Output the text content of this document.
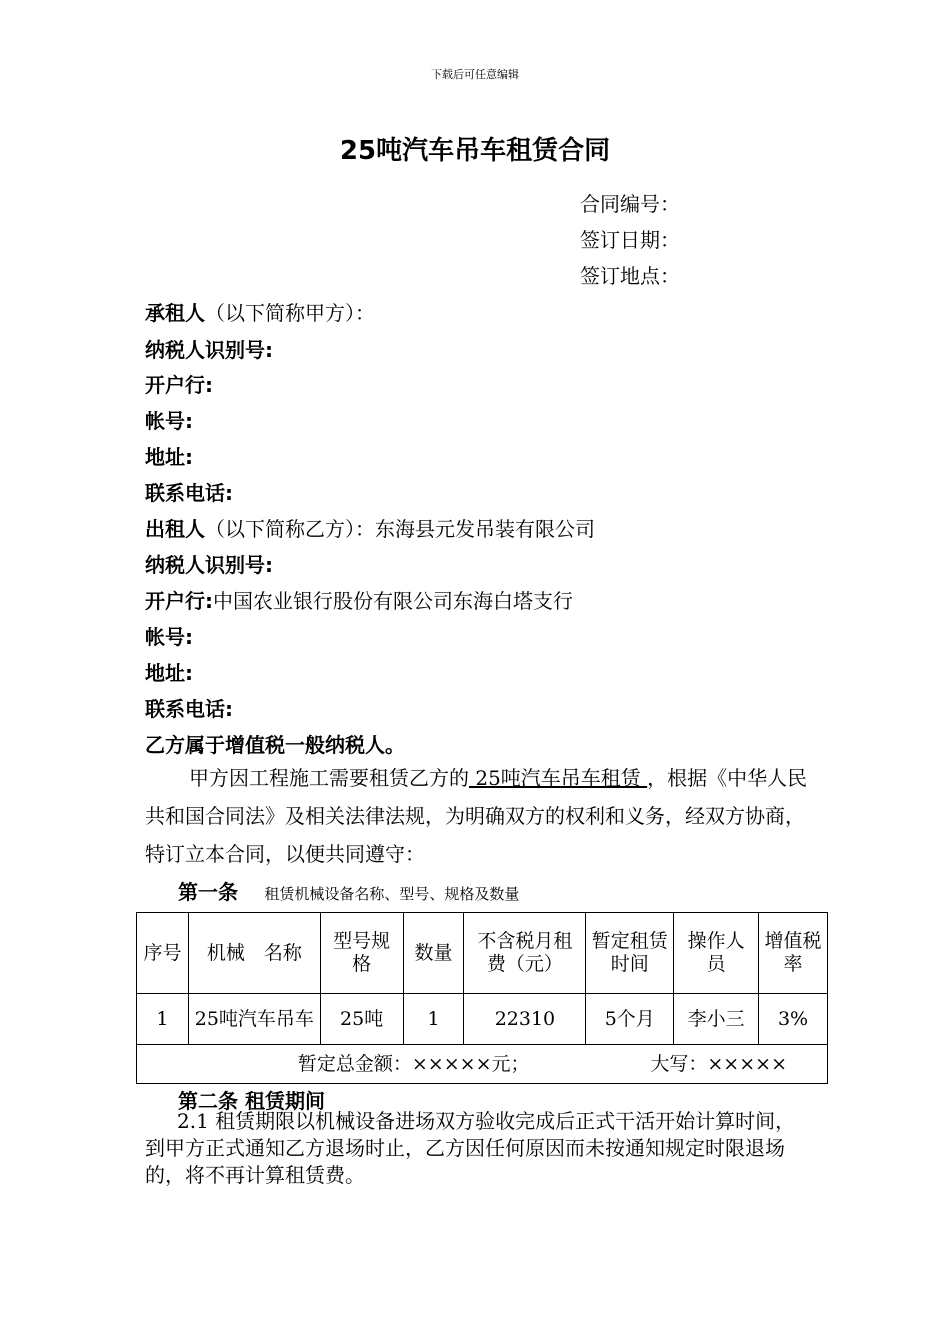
下载后可任意编辑
25吨汽车吊车租赁合同
合同编号：
签订日期：
签订地点：
承租人（以下简称甲方）：
纳税人识别号:
开户行:
帐号:
地址:
联系电话:
出租人（以下简称乙方）：东海县元发吊装有限公司
纳税人识别号:
开户行:中国农业银行股份有限公司东海白塔支行
帐号:
地址:
联系电话:
乙方属于增值税一般纳税人。
甲方因工程施工需要租赁乙方的 25吨汽车吊车租赁 ，根据《中华人民共和国合同法》及相关法律法规，为明确双方的权利和义务，经双方协商，特订立本合同，以便共同遵守：
第一条 租赁机械设备名称、型号、规格及数量
序号	机械　名称	型号规格	数量	不含税月租费（元）	暂定租赁时间	操作人员	增值税率
1	25吨汽车吊车	25吨	1	22310	5个月	李小三	3%
暂定总金额：×××××元； 大写：×××××							
第二条 租赁期间
2.1 租赁期限以机械设备进场双方验收完成后正式干活开始计算时间，到甲方正式通知乙方退场时止，乙方因任何原因而未按通知规定时限退场的，将不再计算租赁费。
